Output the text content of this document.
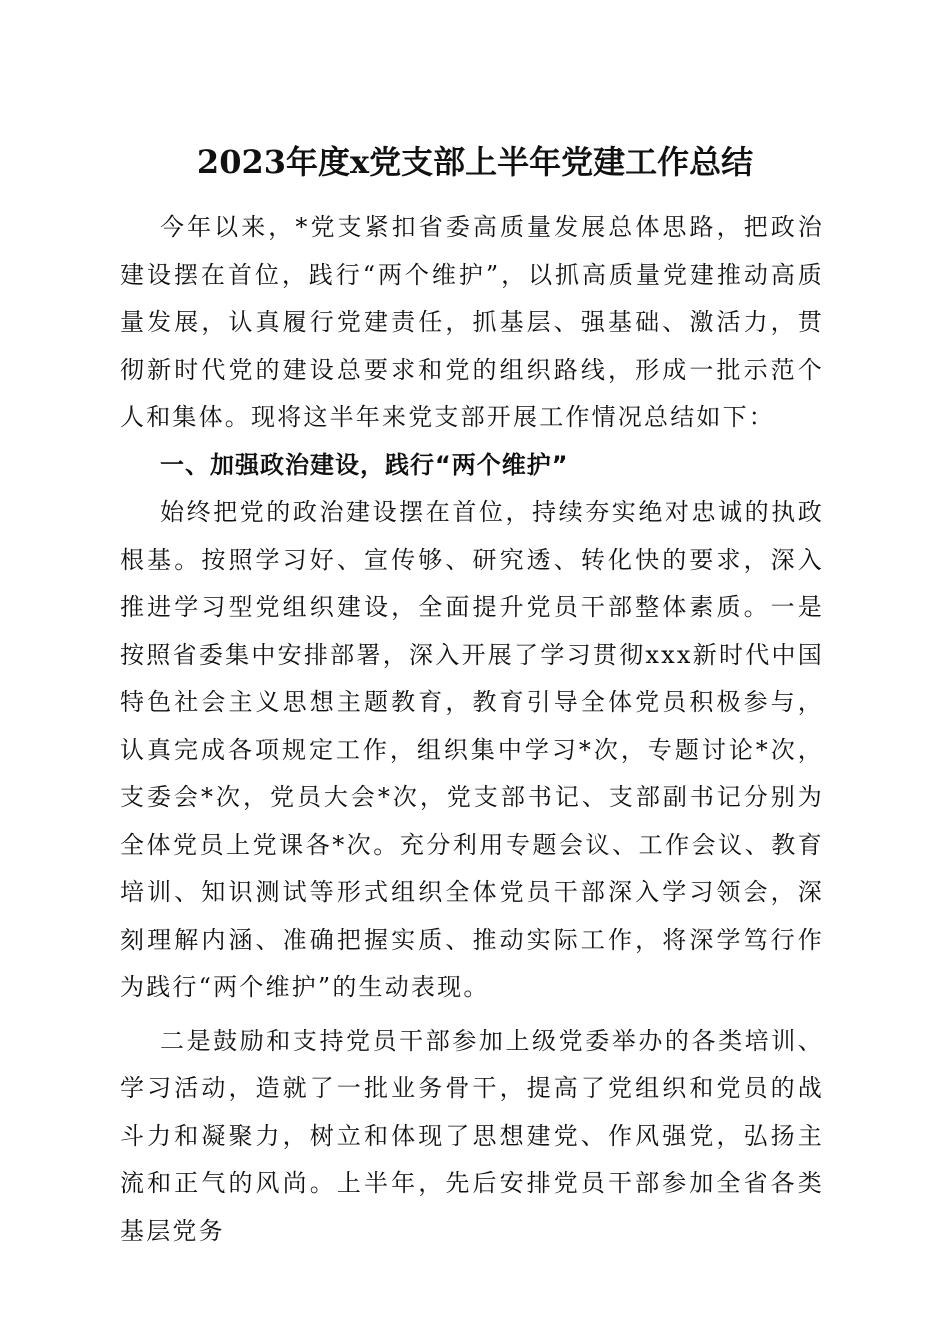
2023年度x党支部上半年党建工作总结

今年以来，*党支紧扣省委高质量发展总体思路，把政治建设摆在首位，践行“两个维护”，以抓高质量党建推动高质量发展，认真履行党建责任，抓基层、强基础、激活力，贯彻新时代党的建设总要求和党的组织路线，形成一批示范个人和集体。现将这半年来党支部开展工作情况总结如下：

一、加强政治建设，践行“两个维护”

始终把党的政治建设摆在首位，持续夯实绝对忠诚的执政根基。按照学习好、宣传够、研究透、转化快的要求，深入推进学习型党组织建设，全面提升党员干部整体素质。一是按照省委集中安排部署，深入开展了学习贯彻xxx新时代中国特色社会主义思想主题教育，教育引导全体党员积极参与，认真完成各项规定工作，组织集中学习*次，专题讨论*次，支委会*次，党员大会*次，党支部书记、支部副书记分别为全体党员上党课各*次。充分利用专题会议、工作会议、教育培训、知识测试等形式组织全体党员干部深入学习领会，深刻理解内涵、准确把握实质、推动实际工作，将深学笃行作为践行“两个维护”的生动表现。

二是鼓励和支持党员干部参加上级党委举办的各类培训、学习活动，造就了一批业务骨干，提高了党组织和党员的战斗力和凝聚力，树立和体现了思想建党、作风强党，弘扬主流和正气的风尚。上半年，先后安排党员干部参加全省各类基层党务
